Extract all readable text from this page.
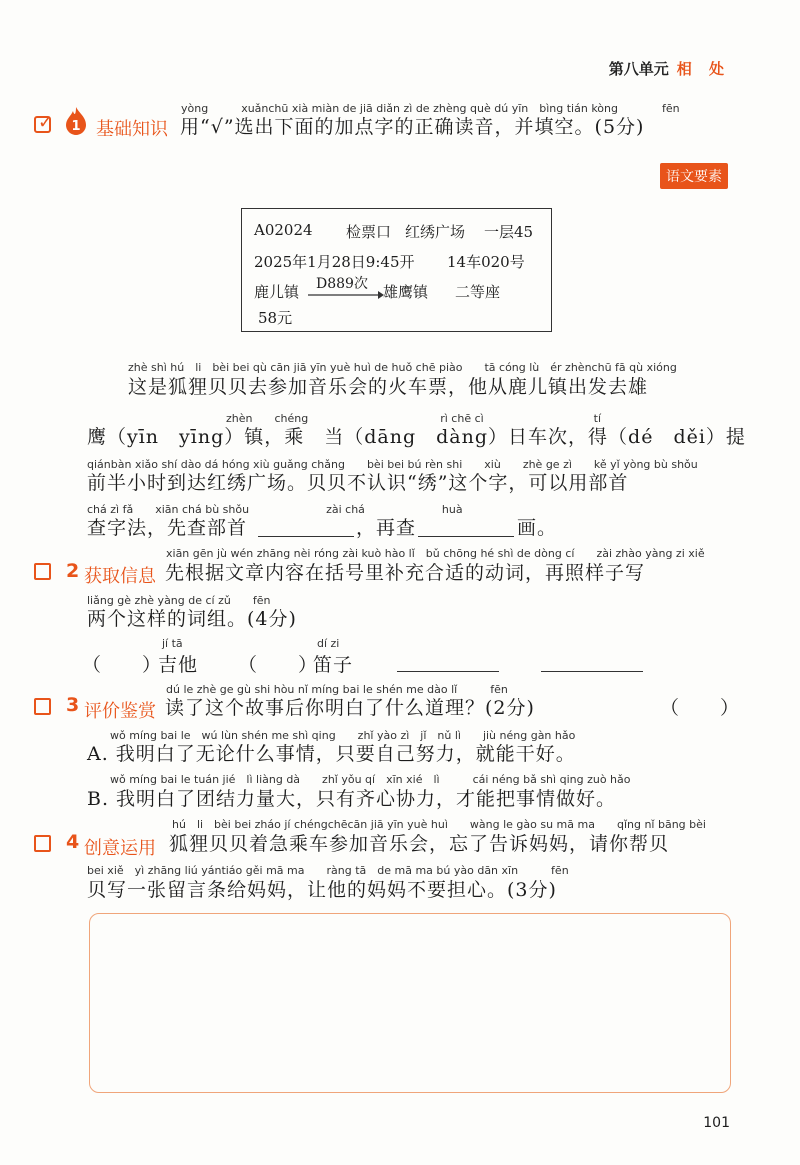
第八单元 相 处
✓ 1 基础知识
yòng　　　xuǎnchū xià miàn de jiā diǎn zì de zhèng què dú yīn　bìng tián kòng　　　　fēn
用“√”选出下面的加点字的正确读音，并填空。(5分)
语文要素
A02024 检票口 红绣广场 一层45
2025年1月28日9:45开 14车020号
鹿儿镇 D889次 雄鹰镇 二等座
58元
zhè shì hú　li　bèi bei qù cān jiā yīn yuè huì de huǒ chē piào　　tā cóng lù　ér zhènchū fā qù xióng
这是狐狸贝贝去参加音乐会的火车票，他从鹿儿镇出发去雄
zhèn　　chéng　　　　　　　　　　　　rì chē cì　　　　　　　　　　tí
鹰（yīn　yīng）镇，乘　当（dāng　dàng）日车次，得（dé　děi）提
qiánbàn xiǎo shí dào dá hóng xiù guǎng chǎng　　bèi bei bú rèn shi　　xiù　　zhè ge zì　　kě yǐ yòng bù shǒu
前半小时到达红绣广场。贝贝不认识“绣”这个字，可以用部首
chá zì fǎ　　xiān chá bù shǒu　　　　　　　zài chá　　　　　　　huà
查字法，先查部首	，再查	画。
2 获取信息
xiān gēn jù wén zhāng nèi róng zài kuò hào lǐ　bǔ chōng hé shì de dòng cí　　zài zhào yàng zi xiě
先根据文章内容在括号里补充合适的动词，再照样子写
liǎng gè zhè yàng de cí zǔ　　fēn
两个这样的词组。(4分)
（　　）
jí tā
吉他 （　　）
dí zi
笛子
3 评价鉴赏
dú le zhè ge gù shi hòu nǐ míng bai le shén me dào lǐ　　　fēn
读了这个故事后你明白了什么道理？(2分)	（　　）
wǒ míng bai le　wú lùn shén me shì qing　　zhǐ yào zì　jǐ　nǔ lì　　jiù néng gàn hǎo
A. 我明白了无论什么事情，只要自己努力，就能干好。
wǒ míng bai le tuán jié　lì liàng dà　　zhǐ yǒu qí　xīn xié　lì　　　cái néng bǎ shì qing zuò hǎo
B. 我明白了团结力量大，只有齐心协力，才能把事情做好。
4 创意运用
hú　li　bèi bei zháo jí chéngchēcān jiā yīn yuè huì　　wàng le gào su mā ma　　qǐng nǐ bāng bèi
狐狸贝贝着急乘车参加音乐会，忘了告诉妈妈，请你帮贝
bei xiě　yì zhāng liú yántiáo gěi mā ma　　ràng tā　de mā ma bú yào dān xīn　　　fēn
贝写一张留言条给妈妈，让他的妈妈不要担心。(3分)
101
